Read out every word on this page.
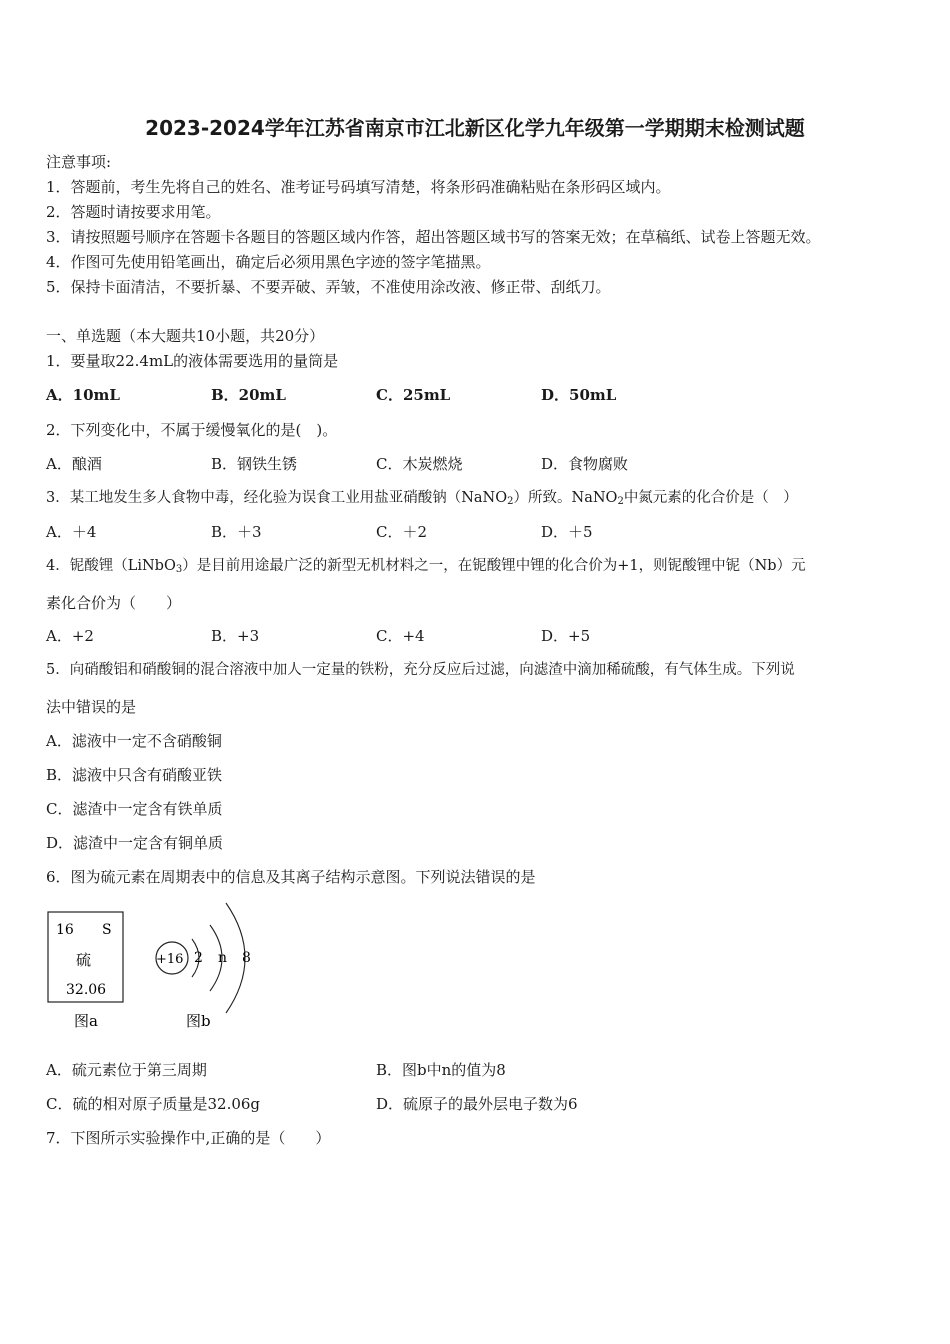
2023-2024学年江苏省南京市江北新区化学九年级第一学期期末检测试题
注意事项:
1．答题前，考生先将自己的姓名、准考证号码填写清楚，将条形码准确粘贴在条形码区域内。
2．答题时请按要求用笔。
3．请按照题号顺序在答题卡各题目的答题区域内作答，超出答题区域书写的答案无效；在草稿纸、试卷上答题无效。
4．作图可先使用铅笔画出，确定后必须用黑色字迹的签字笔描黑。
5．保持卡面清洁，不要折暴、不要弄破、弄皱，不准使用涂改液、修正带、刮纸刀。
一、单选题（本大题共10小题，共20分）
1．要量取22.4mL的液体需要选用的量筒是
A．10mL	B．20mL	C．25mL	D．50mL
2．下列变化中，不属于缓慢氧化的是(　)。
A．酿酒	B．钢铁生锈	C．木炭燃烧	D．食物腐败
3．某工地发生多人食物中毒，经化验为误食工业用盐亚硝酸钠（NaNO$_2$）所致。NaNO$_2$中氮元素的化合价是（　）
A．＋4	B．＋3	C．＋2	D．＋5
4．铌酸锂（LiNbO$_3$）是目前用途最广泛的新型无机材料之一，在铌酸锂中锂的化合价为+1，则铌酸锂中铌（Nb）元
素化合价为（　　）
A．+2	B．+3	C．+4	D．+5
5．向硝酸铝和硝酸铜的混合溶液中加人一定量的铁粉，充分反应后过滤，向滤渣中滴加稀硫酸，有气体生成。下列说
法中错误的是
A．滤液中一定不含硝酸铜
B．滤液中只含有硝酸亚铁
C．滤渣中一定含有铁单质
D．滤渣中一定含有铜单质
6．图为硫元素在周期表中的信息及其离子结构示意图。下列说法错误的是
16 S
硫
32.06
图a
+16 2 n 8
图b
A．硫元素位于第三周期	B．图b中n的值为8
C．硫的相对原子质量是32.06g	D．硫原子的最外层电子数为6
7．下图所示实验操作中,正确的是（　　）
